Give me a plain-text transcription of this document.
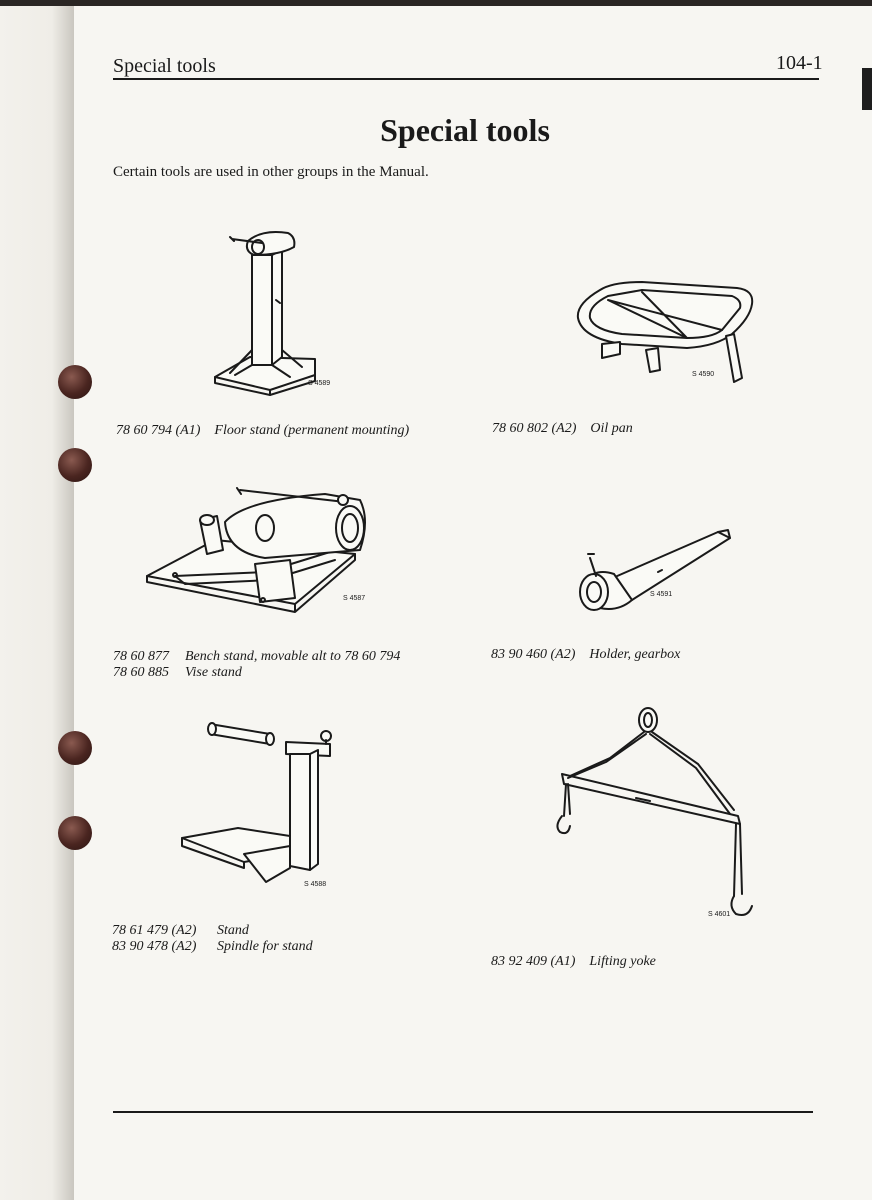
Special tools	104-1
Special tools
Certain tools are used in other groups in the Manual.
S 4589
S 4590
S 4587
S 4591
S 4588
S 4601
78 60 794 (A1) Floor stand (permanent mounting)	78 60 802 (A2) Oil pan
78 60 877	Bench stand, movable alt to 78 60 794
78 60 885	Vise stand
83 90 460 (A2) Holder, gearbox
78 61 479 (A2)	Stand
83 90 478 (A2)	Spindle for stand
83 92 409 (A1) Lifting yoke
